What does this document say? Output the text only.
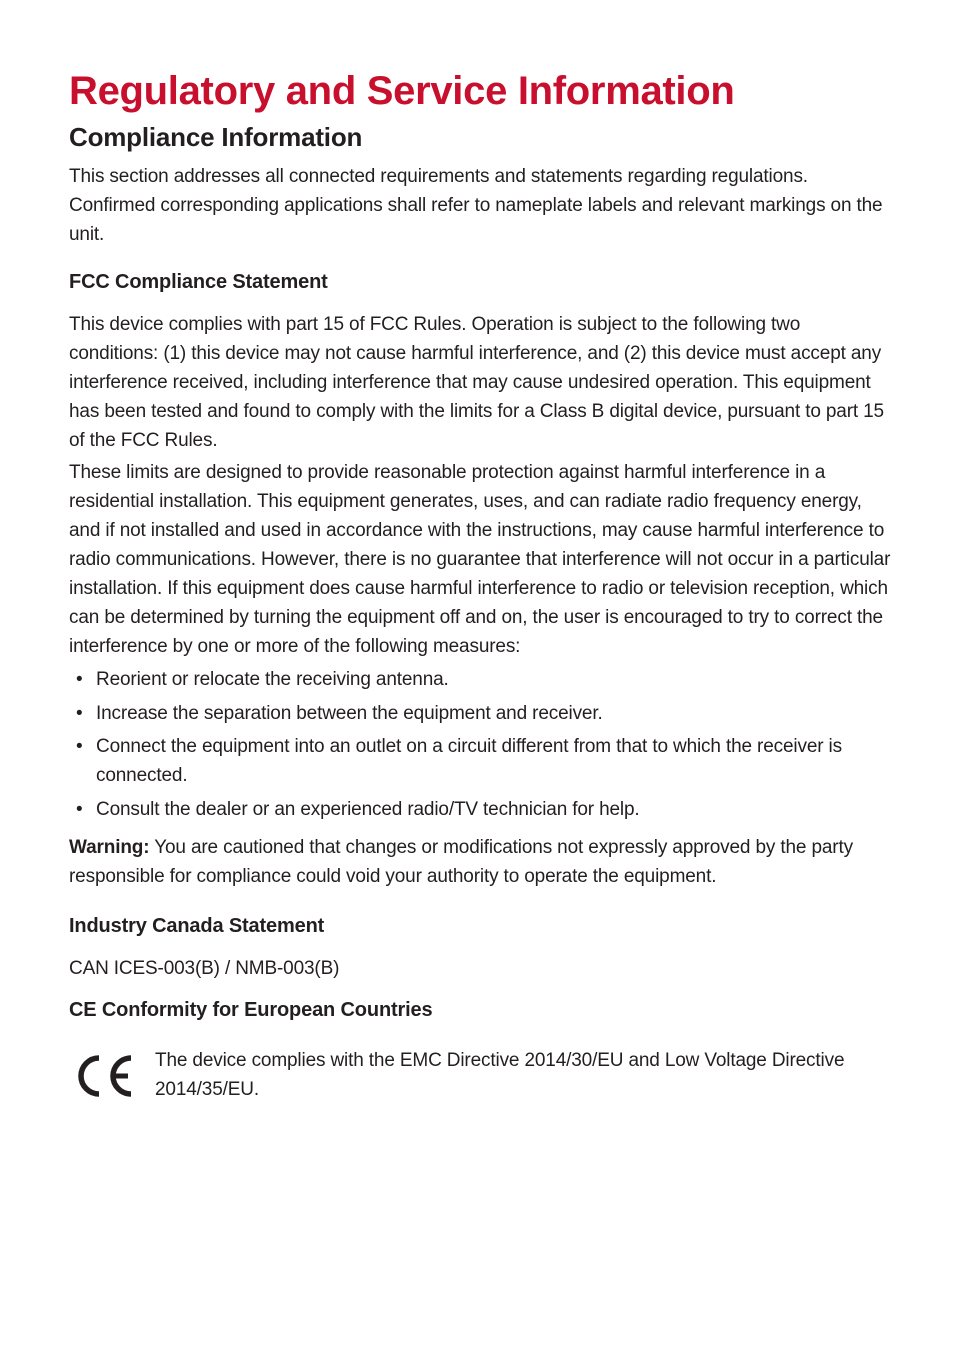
Regulatory and Service Information
Compliance Information

This section addresses all connected requirements and statements regarding regulations. Confirmed corresponding applications shall refer to nameplate labels and relevant markings on the unit.

FCC Compliance Statement

This device complies with part 15 of FCC Rules. Operation is subject to the following two conditions: (1) this device may not cause harmful interference, and (2) this device must accept any interference received, including interference that may cause undesired operation. This equipment has been tested and found to comply with the limits for a Class B digital device, pursuant to part 15 of the FCC Rules.

These limits are designed to provide reasonable protection against harmful interference in a residential installation. This equipment generates, uses, and can radiate radio frequency energy, and if not installed and used in accordance with the instructions, may cause harmful interference to radio communications. However, there is no guarantee that interference will not occur in a particular installation. If this equipment does cause harmful interference to radio or television reception, which can be determined by turning the equipment off and on, the user is encouraged to try to correct the interference by one or more of the following measures:

• Reorient or relocate the receiving antenna.
• Increase the separation between the equipment and receiver.
• Connect the equipment into an outlet on a circuit different from that to which the receiver is connected.
• Consult the dealer or an experienced radio/TV technician for help.

Warning: You are cautioned that changes or modifications not expressly approved by the party responsible for compliance could void your authority to operate the equipment.

Industry Canada Statement

CAN ICES-003(B) / NMB-003(B)

CE Conformity for European Countries

The device complies with the EMC Directive 2014/30/EU and Low Voltage Directive 2014/35/EU.
